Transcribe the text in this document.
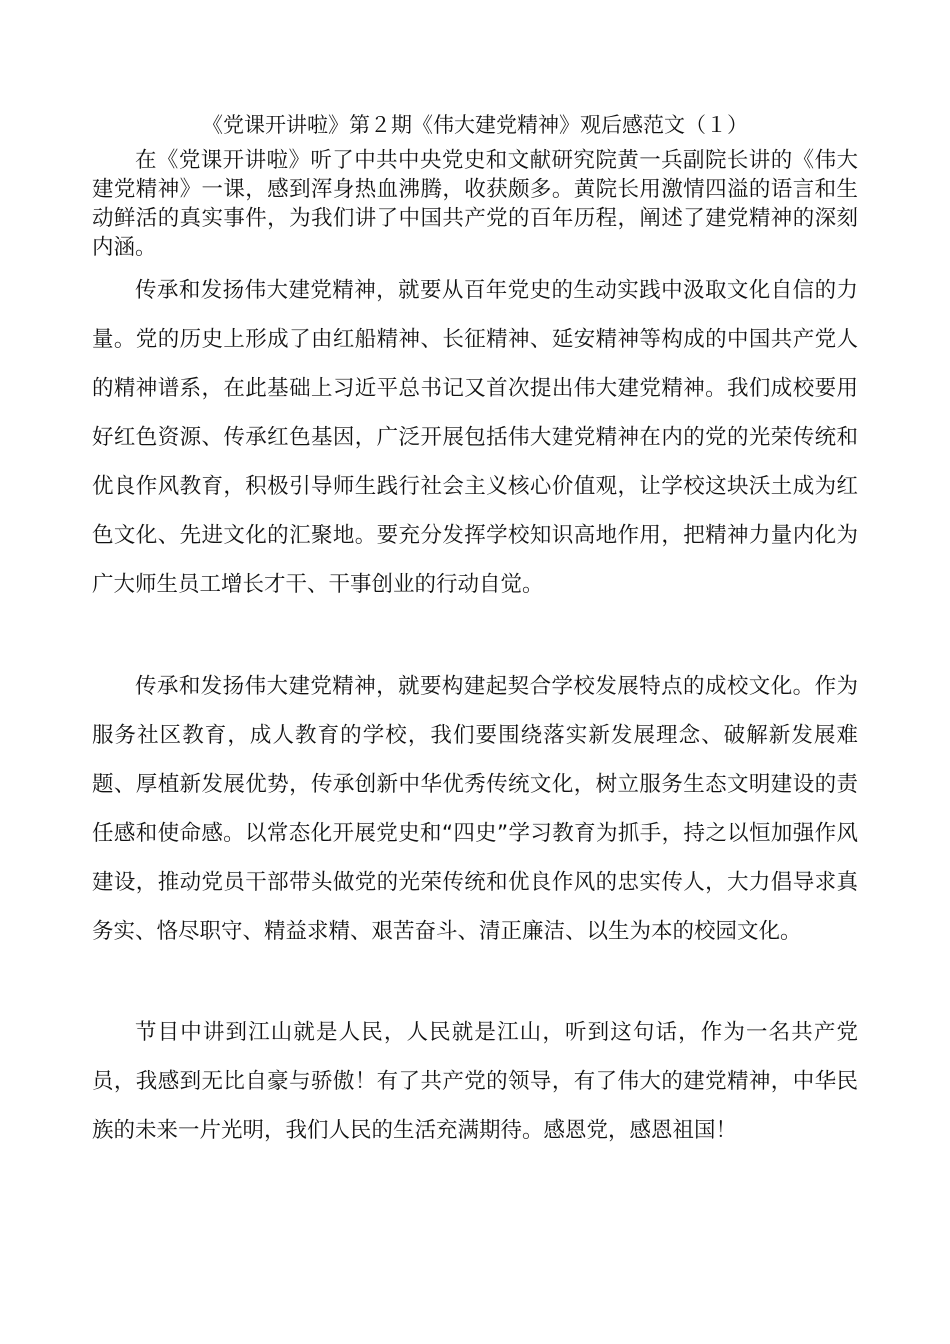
《党课开讲啦》第２期《伟大建党精神》观后感范文（１）

在《党课开讲啦》听了中共中央党史和文献研究院黄一兵副院长讲的《伟大建党精神》一课，感到浑身热血沸腾，收获颇多。黄院长用激情四溢的语言和生动鲜活的真实事件，为我们讲了中国共产党的百年历程，阐述了建党精神的深刻内涵。

传承和发扬伟大建党精神，就要从百年党史的生动实践中汲取文化自信的力量。党的历史上形成了由红船精神、长征精神、延安精神等构成的中国共产党人的精神谱系，在此基础上习近平总书记又首次提出伟大建党精神。我们成校要用好红色资源、传承红色基因，广泛开展包括伟大建党精神在内的党的光荣传统和优良作风教育，积极引导师生践行社会主义核心价值观，让学校这块沃土成为红色文化、先进文化的汇聚地。要充分发挥学校知识高地作用，把精神力量内化为广大师生员工增长才干、干事创业的行动自觉。

传承和发扬伟大建党精神，就要构建起契合学校发展特点的成校文化。作为服务社区教育，成人教育的学校，我们要围绕落实新发展理念、破解新发展难题、厚植新发展优势，传承创新中华优秀传统文化，树立服务生态文明建设的责任感和使命感。以常态化开展党史和“四史”学习教育为抓手，持之以恒加强作风建设，推动党员干部带头做党的光荣传统和优良作风的忠实传人，大力倡导求真务实、恪尽职守、精益求精、艰苦奋斗、清正廉洁、以生为本的校园文化。

节目中讲到江山就是人民，人民就是江山，听到这句话，作为一名共产党员，我感到无比自豪与骄傲！有了共产党的领导，有了伟大的建党精神，中华民族的未来一片光明，我们人民的生活充满期待。感恩党，感恩祖国！
